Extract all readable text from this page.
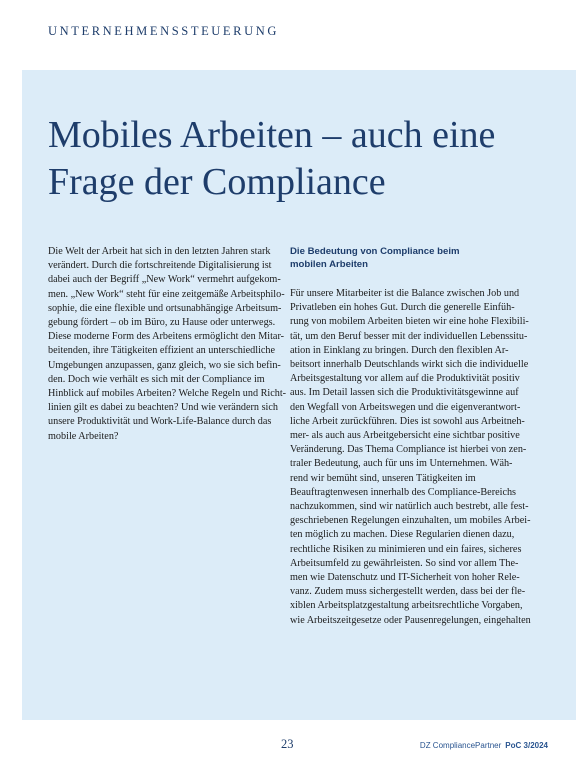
UNTERNEHMENSSTEUERUNG
Mobiles Arbeiten – auch eine
Frage der Compliance
Die Welt der Arbeit hat sich in den letzten Jahren stark
verändert. Durch die fortschreitende Digitalisierung ist
dabei auch der Begriff „New Work“ vermehrt aufgekom-
men. „New Work“ steht für eine zeitgemäße Arbeitsphilo-
sophie, die eine flexible und ortsunabhängige Arbeitsum-
gebung fördert – ob im Büro, zu Hause oder unterwegs.
Diese moderne Form des Arbeitens ermöglicht den Mitar-
beitenden, ihre Tätigkeiten effizient an unterschiedliche
Umgebungen anzupassen, ganz gleich, wo sie sich befin-
den. Doch wie verhält es sich mit der Compliance im
Hinblick auf mobiles Arbeiten? Welche Regeln und Richt-
linien gilt es dabei zu beachten? Und wie verändern sich
unsere Produktivität und Work-Life-Balance durch das
mobile Arbeiten?
Die Bedeutung von Compliance beim
mobilen Arbeiten
Für unsere Mitarbeiter ist die Balance zwischen Job und
Privatleben ein hohes Gut. Durch die generelle Einfüh-
rung von mobilem Arbeiten bieten wir eine hohe Flexibili-
tät, um den Beruf besser mit der individuellen Lebenssitu-
ation in Einklang zu bringen. Durch den flexiblen Ar-
beitsort innerhalb Deutschlands wirkt sich die individuelle
Arbeitsgestaltung vor allem auf die Produktivität positiv
aus. Im Detail lassen sich die Produktivitätsgewinne auf
den Wegfall von Arbeitswegen und die eigenverantwort-
liche Arbeit zurückführen. Dies ist sowohl aus Arbeitneh-
mer- als auch aus Arbeitgebersicht eine sichtbar positive
Veränderung. Das Thema Compliance ist hierbei von zen-
traler Bedeutung, auch für uns im Unternehmen. Wäh-
rend wir bemüht sind, unseren Tätigkeiten im
Beauftragtenwesen innerhalb des Compliance-Bereichs
nachzukommen, sind wir natürlich auch bestrebt, alle fest-
geschriebenen Regelungen einzuhalten, um mobiles Arbei-
ten möglich zu machen. Diese Regularien dienen dazu,
rechtliche Risiken zu minimieren und ein faires, sicheres
Arbeitsumfeld zu gewährleisten. So sind vor allem The-
men wie Datenschutz und IT-Sicherheit von hoher Rele-
vanz. Zudem muss sichergestellt werden, dass bei der fle-
xiblen Arbeitsplatzgestaltung arbeitsrechtliche Vorgaben,
wie Arbeitszeitgesetze oder Pausenregelungen, eingehalten
23	DZ CompliancePartner PoC 3/2024
